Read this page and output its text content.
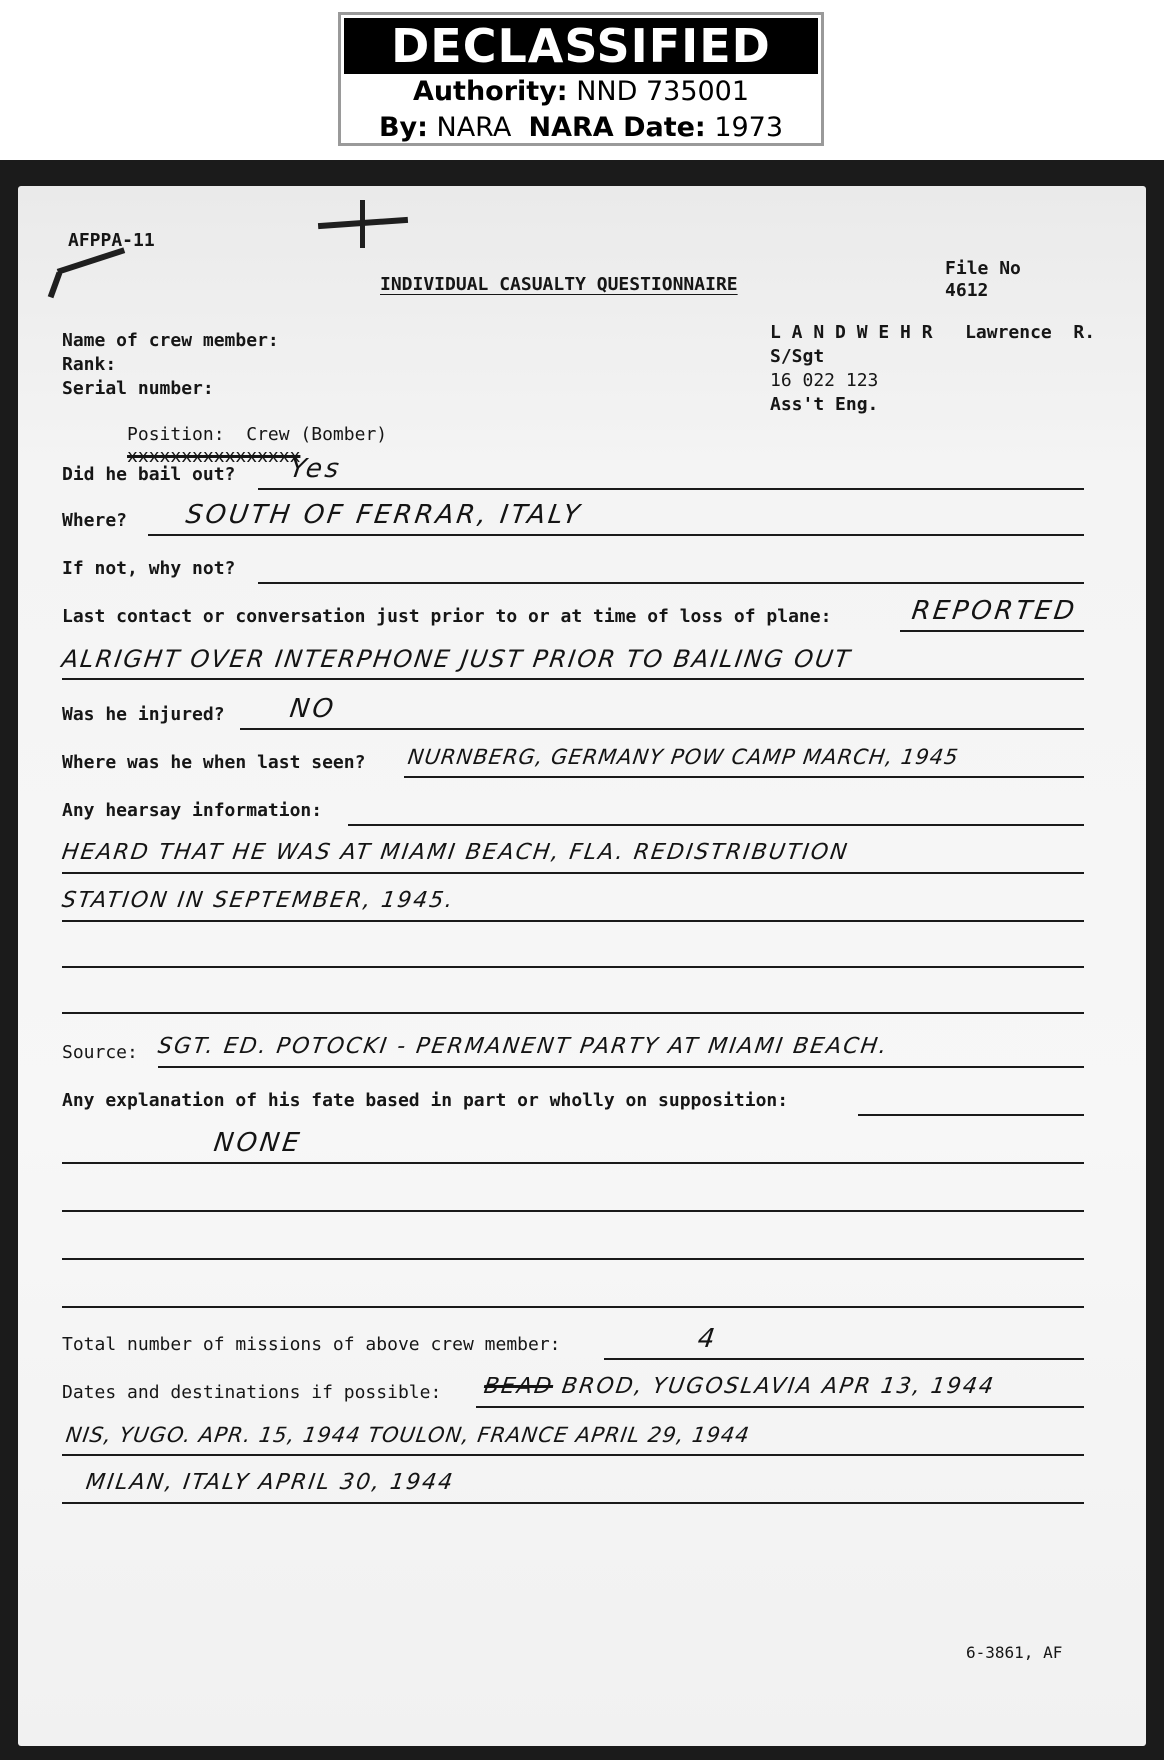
DECLASSIFIED
Authority: NND 735001
By: NARA NARA Date: 1973
AFPPA-11

File No
4612

INDIVIDUAL CASUALTY QUESTIONNAIRE
Name of crew member:
Rank:
Serial number:

Position:  Crew (Bomber)
xxxxxxxxxxxxxxxx

L A N D W E H R   Lawrence  R.
S/Sgt
16 022 123
Ass't Eng.
Did he bail out? Yes
Where? SOUTH OF FERRAR, ITALY
If not, why not?
Last contact or conversation just prior to or at time of loss of plane:	REPORTED
ALRIGHT OVER INTERPHONE JUST PRIOR TO BAILING OUT
Was he injured? NO
Where was he when last seen? NURNBERG, GERMANY POW CAMP MARCH, 1945
Any hearsay information:
HEARD THAT HE WAS AT MIAMI BEACH, FLA. REDISTRIBUTION
STATION IN SEPTEMBER, 1945.
Source: SGT. ED. POTOCKI - PERMANENT PARTY AT MIAMI BEACH.
Any explanation of his fate based in part or wholly on supposition:
NONE
Total number of missions of above crew member:	4
Dates and destinations if possible: BEAD BROD, YUGOSLAVIA APR 13, 1944
NIS, YUGO. APR. 15, 1944 TOULON, FRANCE APRIL 29, 1944
MILAN, ITALY APRIL 30, 1944
6-3861, AF
